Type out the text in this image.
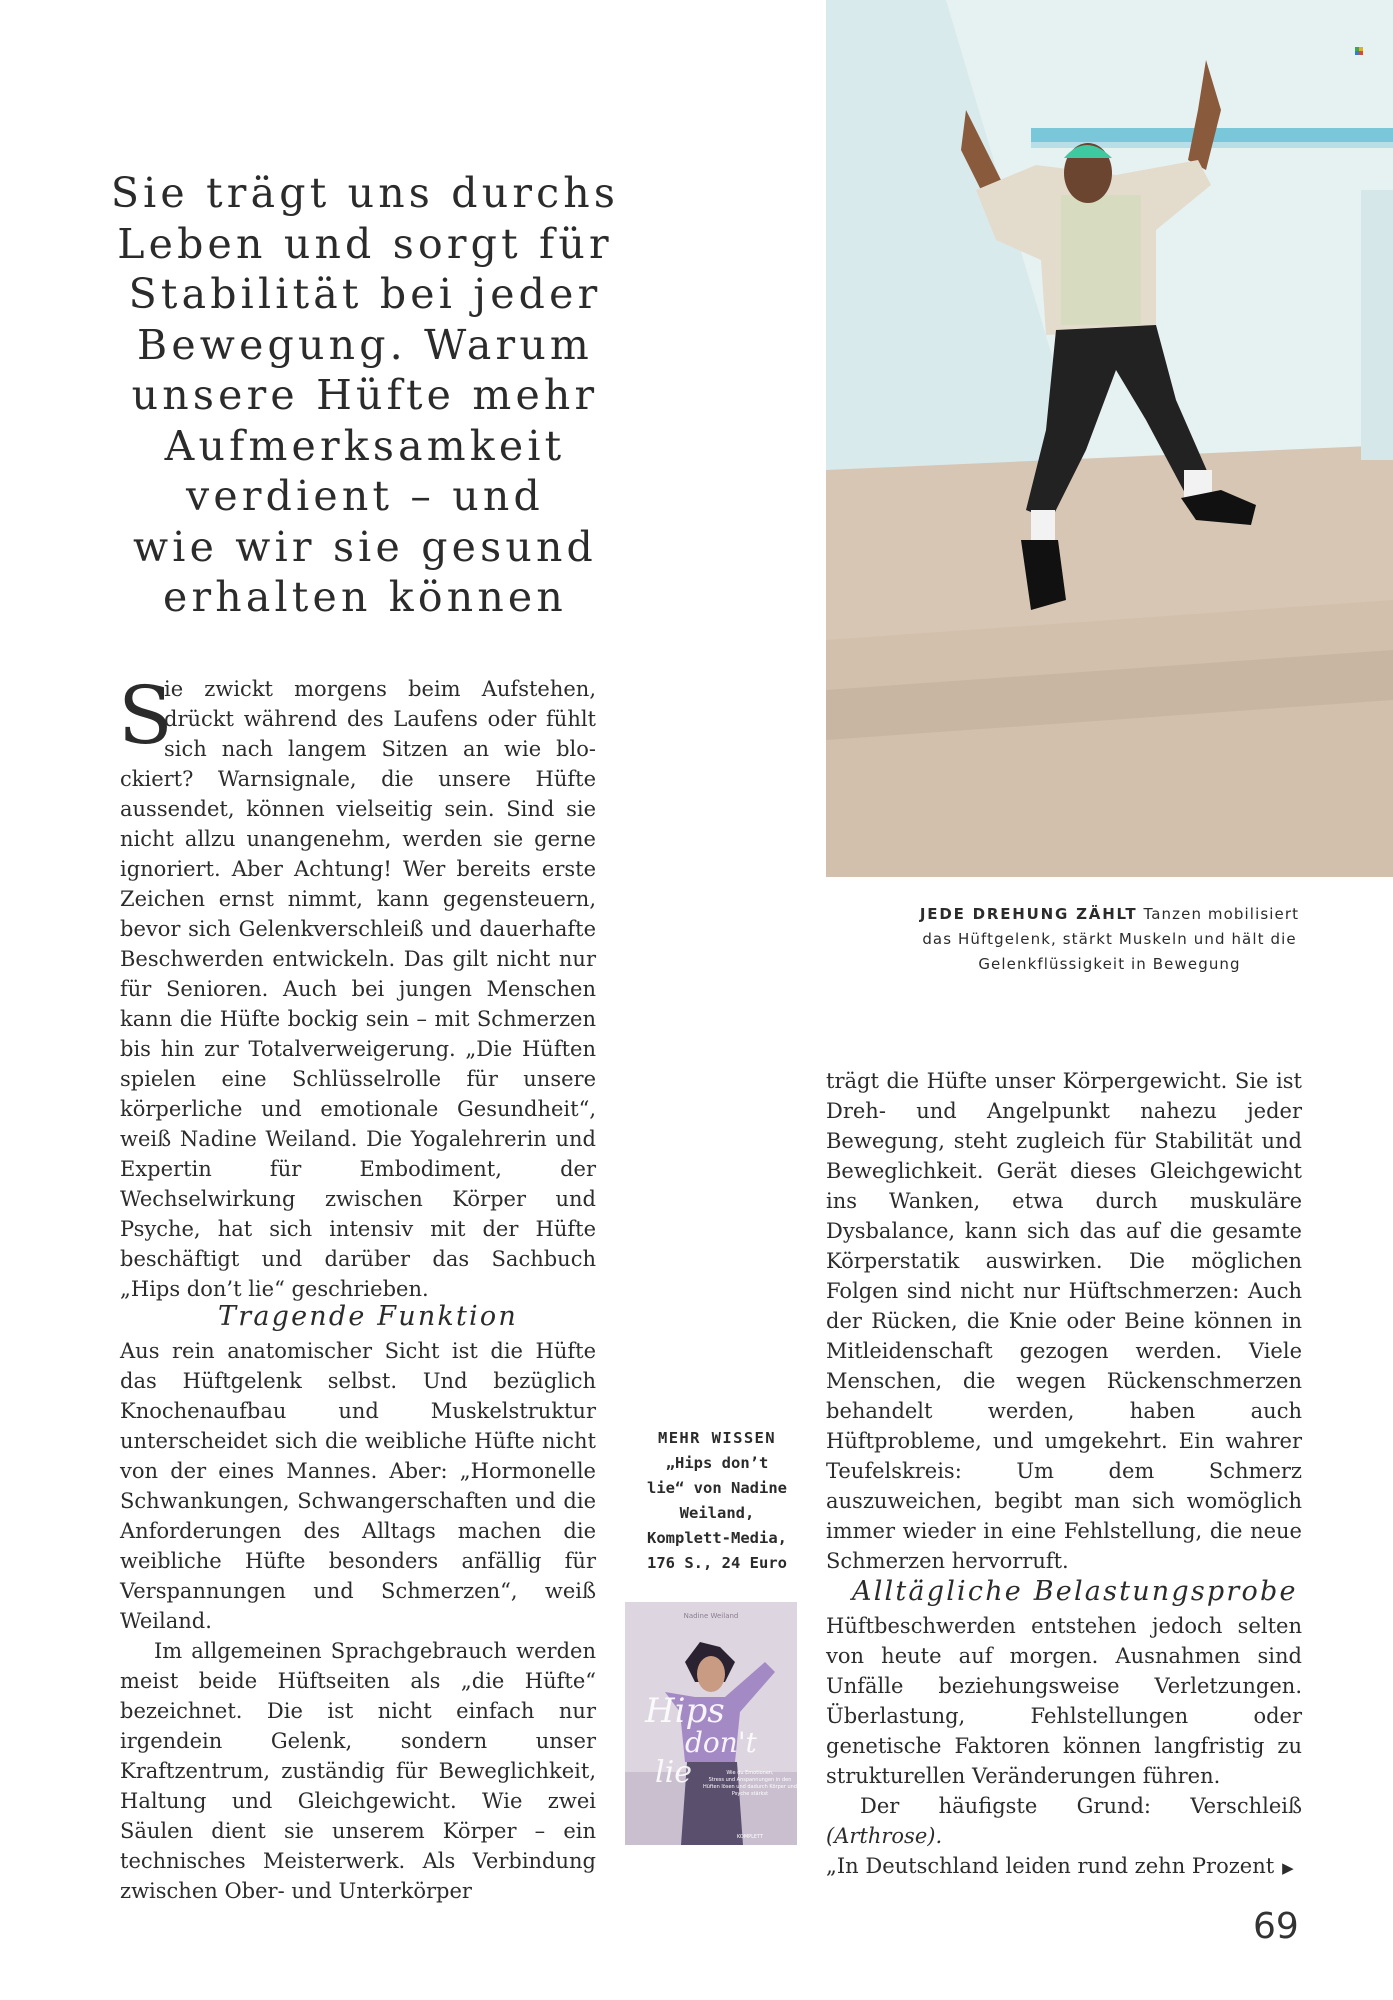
Sie trägt uns durchs
Leben und sorgt für
Stabilität bei jeder
Bewegung. Warum
unsere Hüfte mehr
Aufmerksamkeit
verdient – und
wie wir sie gesund
erhalten können
S
ie zwickt morgens beim Aufstehen,
drückt während des Laufens oder fühlt
sich nach langem Sitzen an wie blo-

ckiert? Warnsignale, die unsere Hüfte aussendet, können vielseitig sein. Sind sie nicht allzu unangenehm, werden sie gerne ignoriert. Aber Achtung! Wer bereits erste Zeichen ernst nimmt, kann gegensteuern, bevor sich Gelenkverschleiß und dauerhafte Beschwerden entwickeln. Das gilt nicht nur für Senioren. Auch bei jungen Menschen kann die Hüfte bockig sein – mit Schmerzen bis hin zur Totalverweigerung. „Die Hüften spielen eine Schlüsselrolle für unsere körperliche und emotionale Gesundheit“, weiß Nadine Weiland. Die Yogalehrerin und Expertin für Embodiment, der Wechselwirkung zwischen Körper und Psyche, hat sich intensiv mit der Hüfte beschäftigt und darüber das Sachbuch „Hips don’t lie“ geschrieben.

Tragende Funktion

Aus rein anatomischer Sicht ist die Hüfte das Hüftgelenk selbst. Und bezüglich Knochenaufbau und Muskelstruktur unterscheidet sich die weibliche Hüfte nicht von der eines Mannes. Aber: „Hormonelle Schwankungen, Schwangerschaften und die Anforderungen des Alltags machen die weibliche Hüfte besonders anfällig für Verspannungen und Schmerzen“, weiß Weiland.

Im allgemeinen Sprachgebrauch werden meist beide Hüftseiten als „die Hüfte“ bezeichnet. Die ist nicht einfach nur irgendein Gelenk, sondern unser Kraftzentrum, zuständig für Beweglichkeit, Haltung und Gleichgewicht. Wie zwei Säulen dient sie unserem Körper – ein technisches Meisterwerk. Als Verbindung zwischen Ober- und Unterkörper

JEDE DREHUNG ZÄHLT Tanzen mobilisiert
das Hüftgelenk, stärkt Muskeln und hält die
Gelenkflüssigkeit in Bewegung

trägt die Hüfte unser Körpergewicht. Sie ist Dreh- und Angelpunkt nahezu jeder Bewegung, steht zugleich für Stabilität und Beweglichkeit. Gerät dieses Gleichgewicht ins Wanken, etwa durch muskuläre Dysbalance, kann sich das auf die gesamte Körperstatik auswirken. Die möglichen Folgen sind nicht nur Hüftschmerzen: Auch der Rücken, die Knie oder Beine können in Mitleidenschaft gezogen werden. Viele Menschen, die wegen Rückenschmerzen behandelt werden, haben auch Hüftprobleme, und umgekehrt. Ein wahrer Teufelskreis: Um dem Schmerz auszuweichen, begibt man sich womöglich immer wieder in eine Fehlstellung, die neue Schmerzen hervorruft.

Alltägliche Belastungsprobe

Hüftbeschwerden entstehen jedoch selten von heute auf morgen. Ausnahmen sind Unfälle beziehungsweise Verletzungen. Überlastung, Fehlstellungen oder genetische Faktoren können langfristig zu strukturellen Veränderungen führen.

Der häufigste Grund: Verschleiß (Arthrose).

„In Deutschland leiden rund zehn Prozent ▶

MEHR WISSEN
„Hips don’t
lie“ von Nadine
Weiland,
Komplett-Media,
176 S., 24 Euro
Nadine Weiland
Hips
don't
lie	Wie du Emotionen,
Stress und Anspannungen in den
Hüften lösen und dadurch Körper und
Psyche stärkst
KOMPLETT
69
